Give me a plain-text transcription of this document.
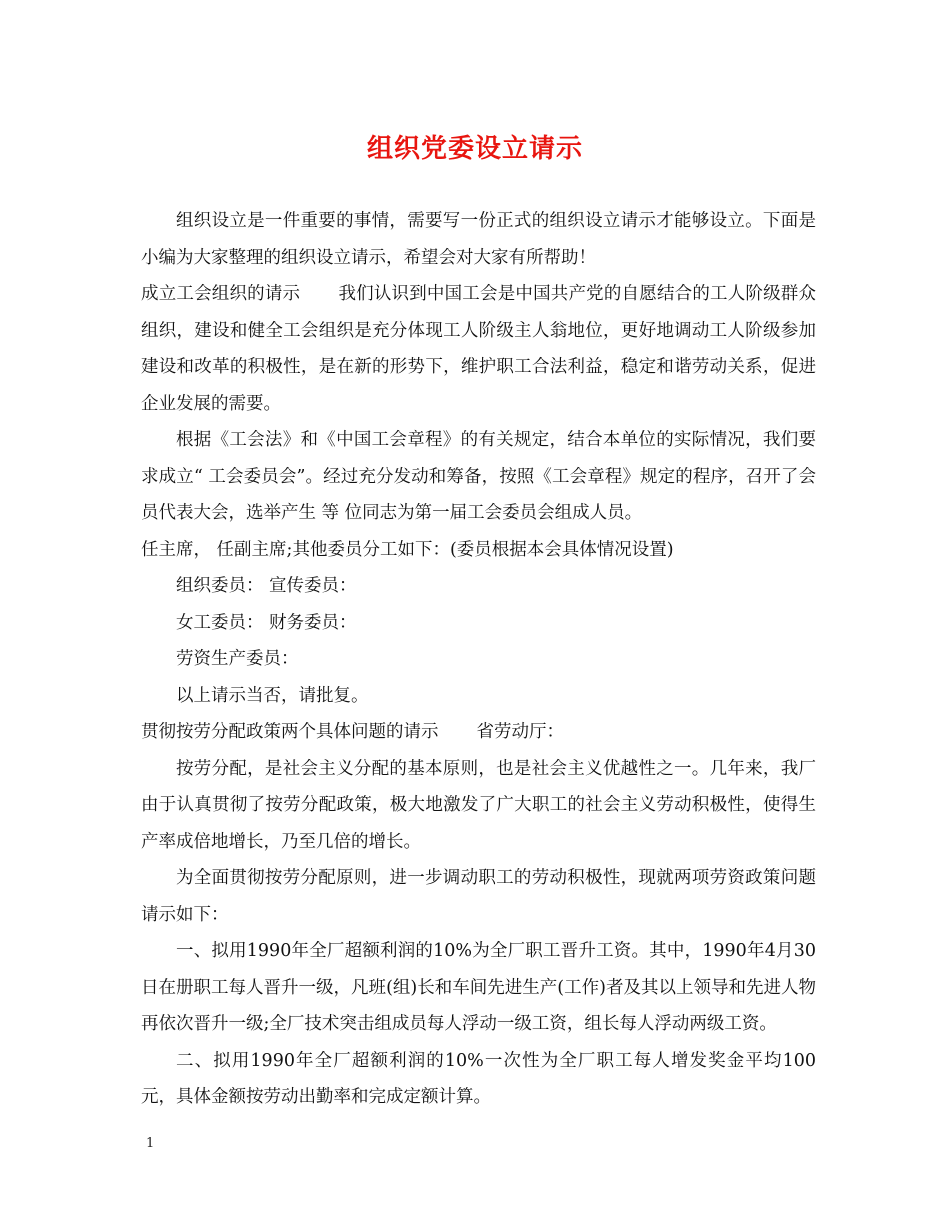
组织党委设立请示

组织设立是一件重要的事情，需要写一份正式的组织设立请示才能够设立。下面是小编为大家整理的组织设立请示，希望会对大家有所帮助！

成立工会组织的请示 我们认识到中国工会是中国共产党的自愿结合的工人阶级群众组织，建设和健全工会组织是充分体现工人阶级主人翁地位，更好地调动工人阶级参加建设和改革的积极性，是在新的形势下，维护职工合法利益，稳定和谐劳动关系，促进企业发展的需要。

根据《工会法》和《中国工会章程》的有关规定，结合本单位的实际情况，我们要求成立“ 工会委员会”。经过充分发动和筹备，按照《工会章程》规定的程序，召开了会员代表大会，选举产生 等 位同志为第一届工会委员会组成人员。

任主席， 任副主席;其他委员分工如下：(委员根据本会具体情况设置)

组织委员： 宣传委员：

女工委员： 财务委员：

劳资生产委员：

以上请示当否，请批复。

贯彻按劳分配政策两个具体问题的请示 省劳动厅：

按劳分配，是社会主义分配的基本原则，也是社会主义优越性之一。几年来，我厂由于认真贯彻了按劳分配政策，极大地激发了广大职工的社会主义劳动积极性，使得生产率成倍地增长，乃至几倍的增长。

为全面贯彻按劳分配原则，进一步调动职工的劳动积极性，现就两项劳资政策问题请示如下：

一、拟用1990年全厂超额利润的10%为全厂职工晋升工资。其中，1990年4月30日在册职工每人晋升一级，凡班(组)长和车间先进生产(工作)者及其以上领导和先进人物再依次晋升一级;全厂技术突击组成员每人浮动一级工资，组长每人浮动两级工资。

二、拟用1990年全厂超额利润的10%一次性为全厂职工每人增发奖金平均100元，具体金额按劳动出勤率和完成定额计算。

1
